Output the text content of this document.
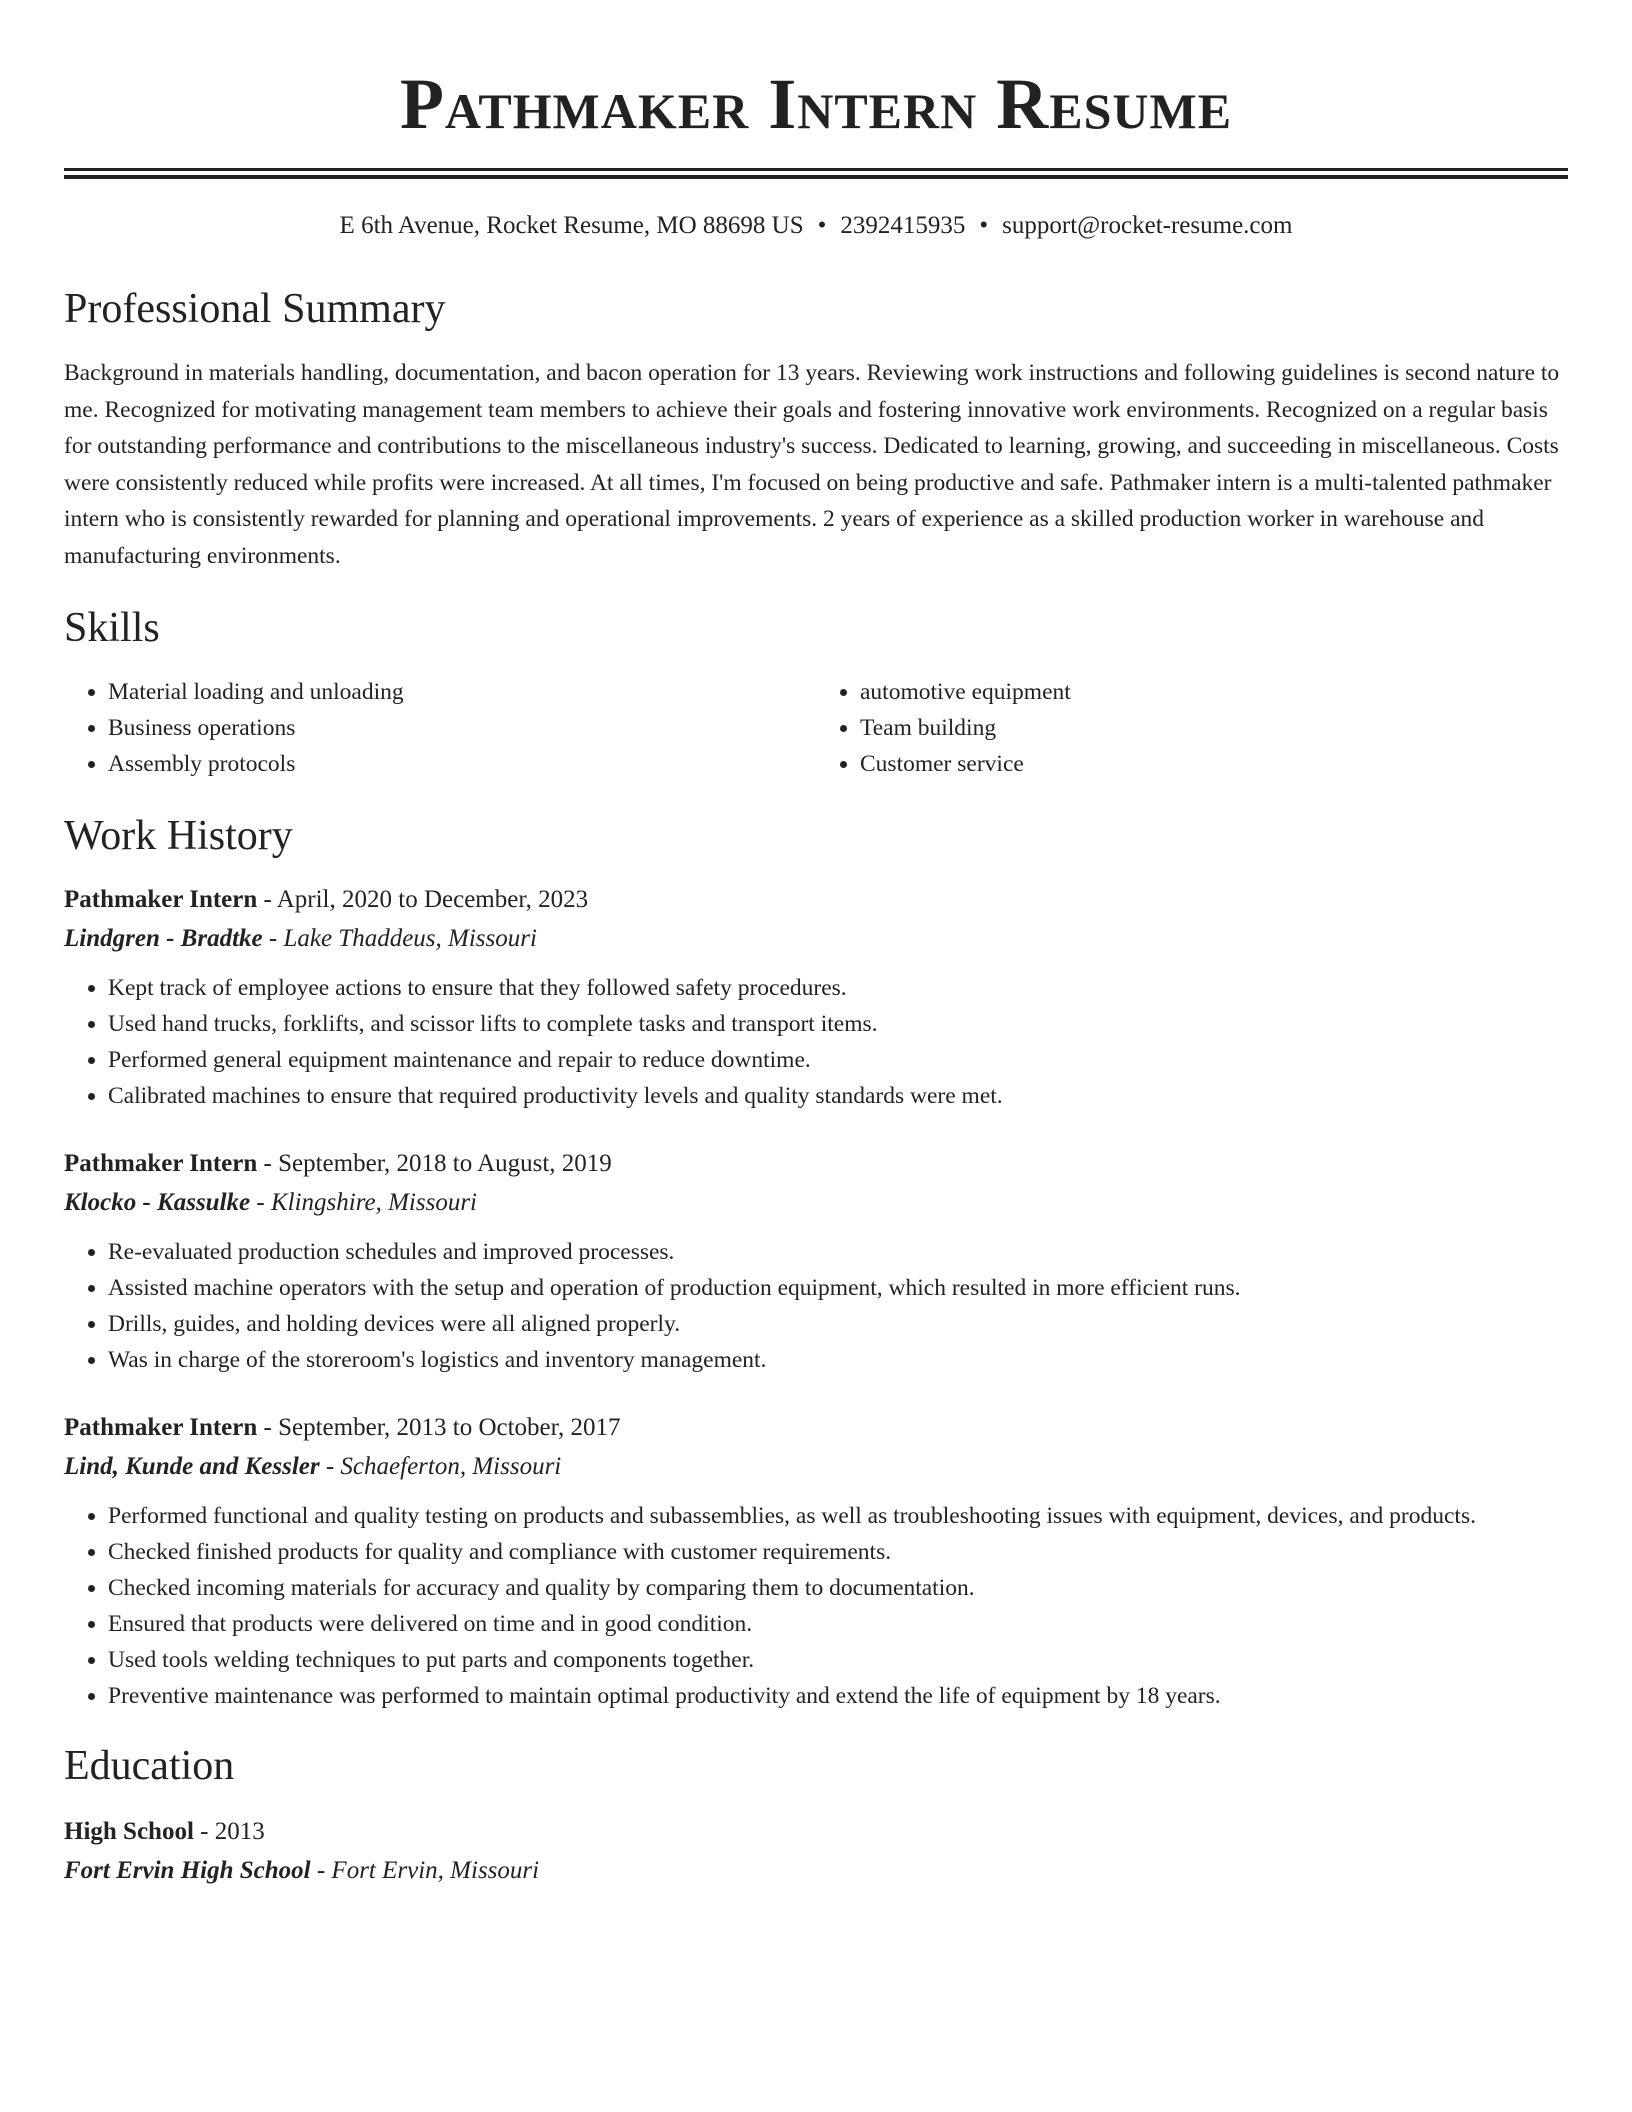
Pathmaker Intern Resume
E 6th Avenue, Rocket Resume, MO 88698 US • 2392415935 • support@rocket-resume.com
Professional Summary

Background in materials handling, documentation, and bacon operation for 13 years. Reviewing work instructions and following guidelines is second nature to me. Recognized for motivating management team members to achieve their goals and fostering innovative work environments. Recognized on a regular basis for outstanding performance and contributions to the miscellaneous industry's success. Dedicated to learning, growing, and succeeding in miscellaneous. Costs were consistently reduced while profits were increased. At all times, I'm focused on being productive and safe. Pathmaker intern is a multi-talented pathmaker intern who is consistently rewarded for planning and operational improvements. 2 years of experience as a skilled production worker in warehouse and manufacturing environments.

Skills
• Material loading and unloading
• Business operations
• Assembly protocols
• automotive equipment
• Team building
• Customer service
Work History
Pathmaker Intern - April, 2020 to December, 2023
Lindgren - Bradtke - Lake Thaddeus, Missouri
• Kept track of employee actions to ensure that they followed safety procedures.
• Used hand trucks, forklifts, and scissor lifts to complete tasks and transport items.
• Performed general equipment maintenance and repair to reduce downtime.
• Calibrated machines to ensure that required productivity levels and quality standards were met.
Pathmaker Intern - September, 2018 to August, 2019
Klocko - Kassulke - Klingshire, Missouri
• Re-evaluated production schedules and improved processes.
• Assisted machine operators with the setup and operation of production equipment, which resulted in more efficient runs.
• Drills, guides, and holding devices were all aligned properly.
• Was in charge of the storeroom's logistics and inventory management.
Pathmaker Intern - September, 2013 to October, 2017
Lind, Kunde and Kessler - Schaeferton, Missouri
• Performed functional and quality testing on products and subassemblies, as well as troubleshooting issues with equipment, devices, and products.
• Checked finished products for quality and compliance with customer requirements.
• Checked incoming materials for accuracy and quality by comparing them to documentation.
• Ensured that products were delivered on time and in good condition.
• Used tools welding techniques to put parts and components together.
• Preventive maintenance was performed to maintain optimal productivity and extend the life of equipment by 18 years.
Education
High School - 2013
Fort Ervin High School - Fort Ervin, Missouri
